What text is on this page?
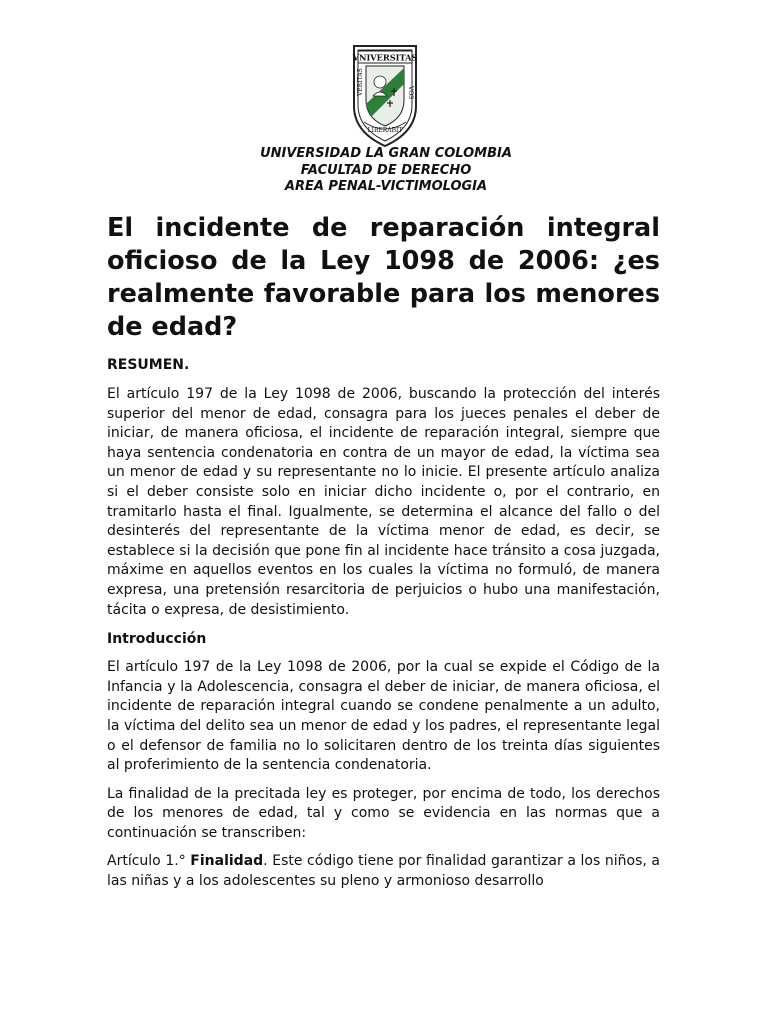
VNIVERSITAS
VERITAS	VOS
LIBERABIT
UNIVERSIDAD LA GRAN COLOMBIA
FACULTAD DE DERECHO
AREA PENAL-VICTIMOLOGIA
El incidente de reparación integral oficioso de la Ley 1098 de 2006: ¿es realmente favorable para los menores de edad?
RESUMEN.

El artículo 197 de la Ley 1098 de 2006, buscando la protección del interés superior del menor de edad, consagra para los jueces penales el deber de iniciar, de manera oficiosa, el incidente de reparación integral, siempre que haya sentencia condenatoria en contra de un mayor de edad, la víctima sea un menor de edad y su representante no lo inicie. El presente artículo analiza si el deber consiste solo en iniciar dicho incidente o, por el contrario, en tramitarlo hasta el final. Igualmente, se determina el alcance del fallo o del desinterés del representante de la víctima menor de edad, es decir, se establece si la decisión que pone fin al incidente hace tránsito a cosa juzgada, máxime en aquellos eventos en los cuales la víctima no formuló, de manera expresa, una pretensión resarcitoria de perjuicios o hubo una manifestación, tácita o expresa, de desistimiento.

Introducción

El artículo 197 de la Ley 1098 de 2006, por la cual se expide el Código de la Infancia y la Adolescencia, consagra el deber de iniciar, de manera oficiosa, el incidente de reparación integral cuando se condene penalmente a un adulto, la víctima del delito sea un menor de edad y los padres, el representante legal o el defensor de familia no lo solicitaren dentro de los treinta días siguientes al proferimiento de la sentencia condenatoria.

La finalidad de la precitada ley es proteger, por encima de todo, los derechos de los menores de edad, tal y como se evidencia en las normas que a continuación se transcriben:

Artículo 1.° Finalidad. Este código tiene por finalidad garantizar a los niños, a las niñas y a los adolescentes su pleno y armonioso desarrollo
